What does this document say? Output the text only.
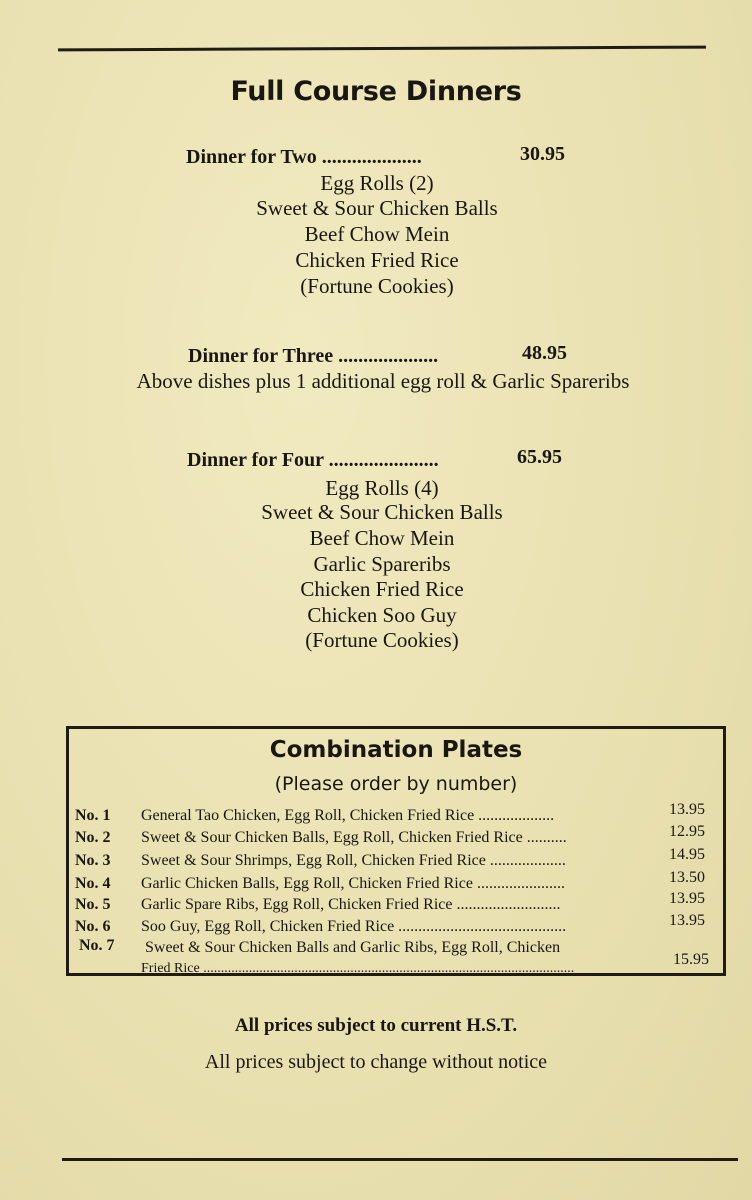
Full Course Dinners
Dinner for Two ....................	30.95
Egg Rolls (2)
Sweet & Sour Chicken Balls
Beef Chow Mein
Chicken Fried Rice
(Fortune Cookies)
Dinner for Three ....................	48.95
Above dishes plus 1 additional egg roll & Garlic Spareribs
Dinner for Four ......................	65.95
Egg Rolls (4)
Sweet & Sour Chicken Balls
Beef Chow Mein
Garlic Spareribs
Chicken Fried Rice
Chicken Soo Guy
(Fortune Cookies)
Combination Plates
(Please order by number)
No. 1 General Tao Chicken, Egg Roll, Chicken Fried Rice ...................	13.95
No. 2 Sweet & Sour Chicken Balls, Egg Roll, Chicken Fried Rice ..........	12.95
No. 3 Sweet & Sour Shrimps, Egg Roll, Chicken Fried Rice ...................	14.95
No. 4 Garlic Chicken Balls, Egg Roll, Chicken Fried Rice ......................	13.50
No. 5 Garlic Spare Ribs, Egg Roll, Chicken Fried Rice ..........................	13.95
No. 6 Soo Guy, Egg Roll, Chicken Fried Rice ..........................................	13.95
No. 7 Sweet & Sour Chicken Balls and Garlic Ribs, Egg Roll, Chicken
Fried Rice ..........................................................................................................
15.95
All prices subject to current H.S.T.
All prices subject to change without notice
